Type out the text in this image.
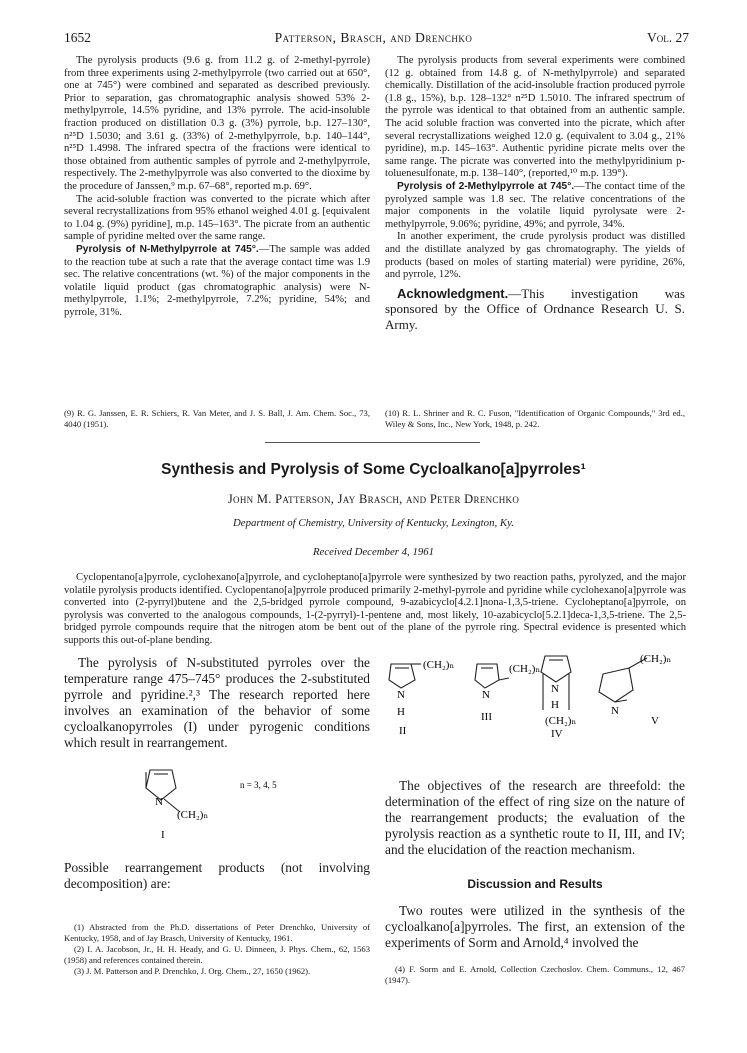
1652	Patterson, Brasch, and Drenchko	Vol. 27

The pyrolysis products (9.6 g. from 11.2 g. of 2-methyl-pyrrole) from three experiments using 2-methylpyrrole (two carried out at 650°, one at 745°) were combined and separated as described previously. Prior to separation, gas chromatographic analysis showed 53% 2-methylpyrrole, 14.5% pyridine, and 13% pyrrole. The acid-insoluble fraction produced on distillation 0.3 g. (3%) pyrrole, b.p. 127–130°, n²⁵D 1.5030; and 3.61 g. (33%) of 2-methylpyrrole, b.p. 140–144°, n²⁵D 1.4998. The infrared spectra of the fractions were identical to those obtained from authentic samples of pyrrole and 2-methylpyrrole, respectively. The 2-methylpyrrole was also converted to the dioxime by the procedure of Janssen,⁹ m.p. 67–68°, reported m.p. 69°.

The acid-soluble fraction was converted to the picrate which after several recrystallizations from 95% ethanol weighed 4.01 g. [equivalent to 1.04 g. (9%) pyridine], m.p. 145–163°. The picrate from an authentic sample of pyridine melted over the same range.

Pyrolysis of N-Methylpyrrole at 745°.—The sample was added to the reaction tube at such a rate that the average contact time was 1.9 sec. The relative concentrations (wt. %) of the major components in the volatile liquid product (gas chromatographic analysis) were N-methylpyrrole, 1.1%; 2-methylpyrrole, 7.2%; pyridine, 54%; and pyrrole, 31%.

The pyrolysis products from several experiments were combined (12 g. obtained from 14.8 g. of N-methylpyrrole) and separated chemically. Distillation of the acid-insoluble fraction produced pyrrole (1.8 g., 15%), b.p. 128–132° n²⁵D 1.5010. The infrared spectrum of the pyrrole was identical to that obtained from an authentic sample. The acid soluble fraction was converted into the picrate, which after several recrystallizations weighed 12.0 g. (equivalent to 3.04 g., 21% pyridine), m.p. 145–163°. Authentic pyridine picrate melts over the same range. The picrate was converted into the methylpyridinium p-toluenesulfonate, m.p. 138–140°, (reported,¹⁰ m.p. 139°).

Pyrolysis of 2-Methylpyrrole at 745°.—The contact time of the pyrolyzed sample was 1.8 sec. The relative concentrations of the major components in the volatile liquid pyrolysate were 2-methylpyrrole, 9.06%; pyridine, 49%; and pyrrole, 34%.

In another experiment, the crude pyrolysis product was distilled and the distillate analyzed by gas chromatography. The yields of products (based on moles of starting material) were pyridine, 26%, and pyrrole, 12%.

Acknowledgment.—This investigation was sponsored by the Office of Ordnance Research U. S. Army.

(9) R. G. Janssen, E. R. Schiers, R. Van Meter, and J. S. Ball, J. Am. Chem. Soc., 73, 4040 (1951).
(10) R. L. Shriner and R. C. Fuson, "Identification of Organic Compounds," 3rd ed., Wiley & Sons, Inc., New York, 1948, p. 242.
Synthesis and Pyrolysis of Some Cycloalkano[a]pyrroles¹
John M. Patterson, Jay Brasch, and Peter Drenchko
Department of Chemistry, University of Kentucky, Lexington, Ky.
Received December 4, 1961

Cyclopentano[a]pyrrole, cyclohexano[a]pyrrole, and cycloheptano[a]pyrrole were synthesized by two reaction paths, pyrolyzed, and the major volatile pyrolysis products identified. Cyclopentano[a]pyrrole produced primarily 2-methyl-pyrrole and pyridine while cyclohexano[a]pyrrole was converted into (2-pyrryl)butene and the 2,5-bridged pyrrole compound, 9-azabicyclo[4.2.1]nona-1,3,5-triene. Cycloheptano[a]pyrrole, on pyrolysis was converted to the analogous compounds, 1-(2-pyrryl)-1-pentene and, most likely, 10-azabicyclo[5.2.1]deca-1,3,5-triene. The 2,5-bridged pyrrole compounds require that the nitrogen atom be bent out of the plane of the pyrrole ring. Spectral evidence is presented which supports this out-of-plane bending.

The pyrolysis of N-substituted pyrroles over the temperature range 475–745° produces the 2-substituted pyrrole and pyridine.²,³ The research reported here involves an examination of the behavior of some cycloalkanopyrroles (I) under pyrogenic conditions which result in rearrangement.

N
(CH₂)ₙ
I
n = 3, 4, 5

Possible rearrangement products (not involving decomposition) are:

(CH₂)ₙ
N
H
II
(CH₂)ₙ
N
III
N
H
(CH₂)ₙ
IV
(CH₂)ₙ
N
V

The objectives of the research are threefold: the determination of the effect of ring size on the nature of the rearrangement products; the evaluation of the pyrolysis reaction as a synthetic route to II, III, and IV; and the elucidation of the reaction mechanism.

Discussion and Results

Two routes were utilized in the synthesis of the cycloalkano[a]pyrroles. The first, an extension of the experiments of Sorm and Arnold,⁴ involved the

(1) Abstracted from the Ph.D. dissertations of Peter Drenchko, University of Kentucky, 1958, and of Jay Brasch, University of Kentucky, 1961.

(2) I. A. Jacobson, Jr., H. H. Heady, and G. U. Dinneen, J. Phys. Chem., 62, 1563 (1958) and references contained therein.

(3) J. M. Patterson and P. Drenchko, J. Org. Chem., 27, 1650 (1962).	(4) F. Sorm and E. Arnold, Collection Czechoslov. Chem. Communs., 12, 467 (1947).
